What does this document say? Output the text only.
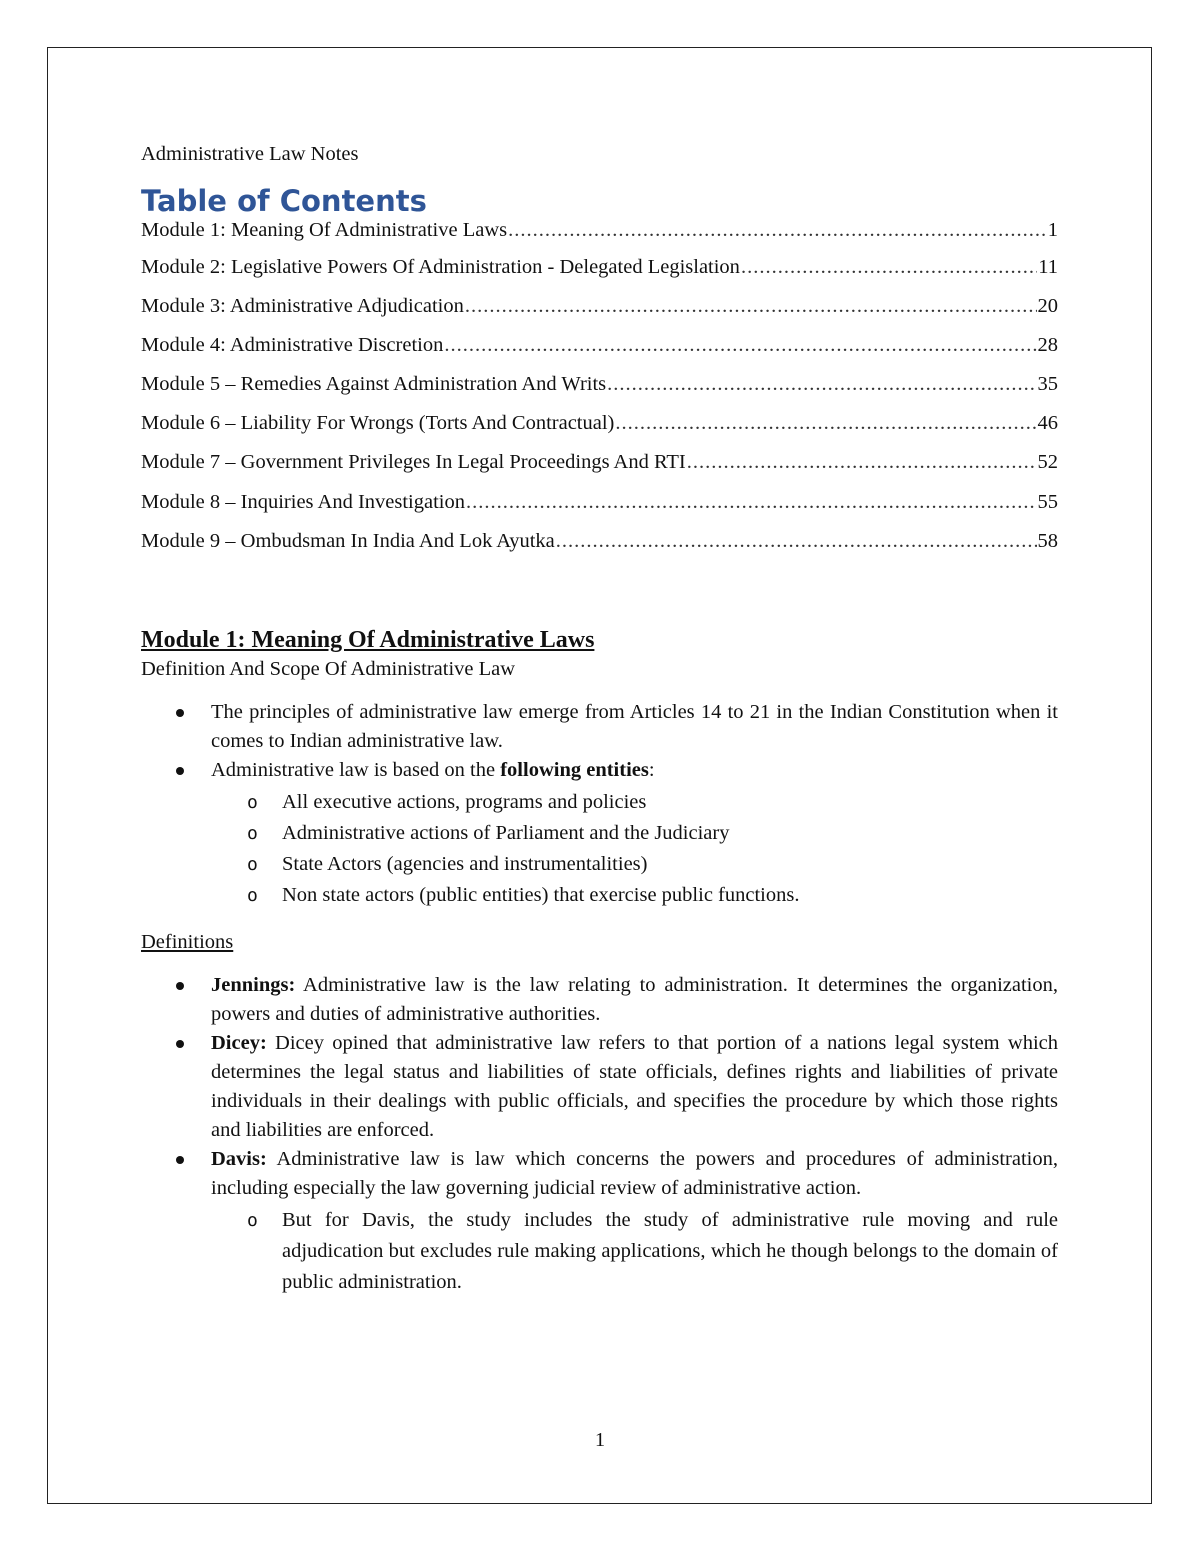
Administrative Law Notes

Table of Contents
Module 1: Meaning Of Administrative Laws .....	1
Module 2: Legislative Powers Of Administration - Delegated Legislation .....	11
Module 3: Administrative Adjudication .....	20
Module 4: Administrative Discretion .....	28
Module 5 – Remedies Against Administration And Writs .....	35
Module 6 – Liability For Wrongs (Torts And Contractual) .....	46
Module 7 – Government Privileges In Legal Proceedings And RTI .....	52
Module 8 – Inquiries And Investigation .....	55
Module 9 – Ombudsman In India And Lok Ayutka .....	58
Module 1: Meaning Of Administrative Laws

Definition And Scope Of Administrative Law

The principles of administrative law emerge from Articles 14 to 21 in the Indian Constitution when it comes to Indian administrative law.
Administrative law is based on the following entities:
o All executive actions, programs and policies
o Administrative actions of Parliament and the Judiciary
o State Actors (agencies and instrumentalities)
o Non state actors (public entities) that exercise public functions.

Definitions

Jennings: Administrative law is the law relating to administration. It determines the organization, powers and duties of administrative authorities.
Dicey: Dicey opined that administrative law refers to that portion of a nations legal system which determines the legal status and liabilities of state officials, defines rights and liabilities of private individuals in their dealings with public officials, and specifies the procedure by which those rights and liabilities are enforced.
Davis: Administrative law is law which concerns the powers and procedures of administration, including especially the law governing judicial review of administrative action.
o But for Davis, the study includes the study of administrative rule moving and rule adjudication but excludes rule making applications, which he though belongs to the domain of public administration.
1
